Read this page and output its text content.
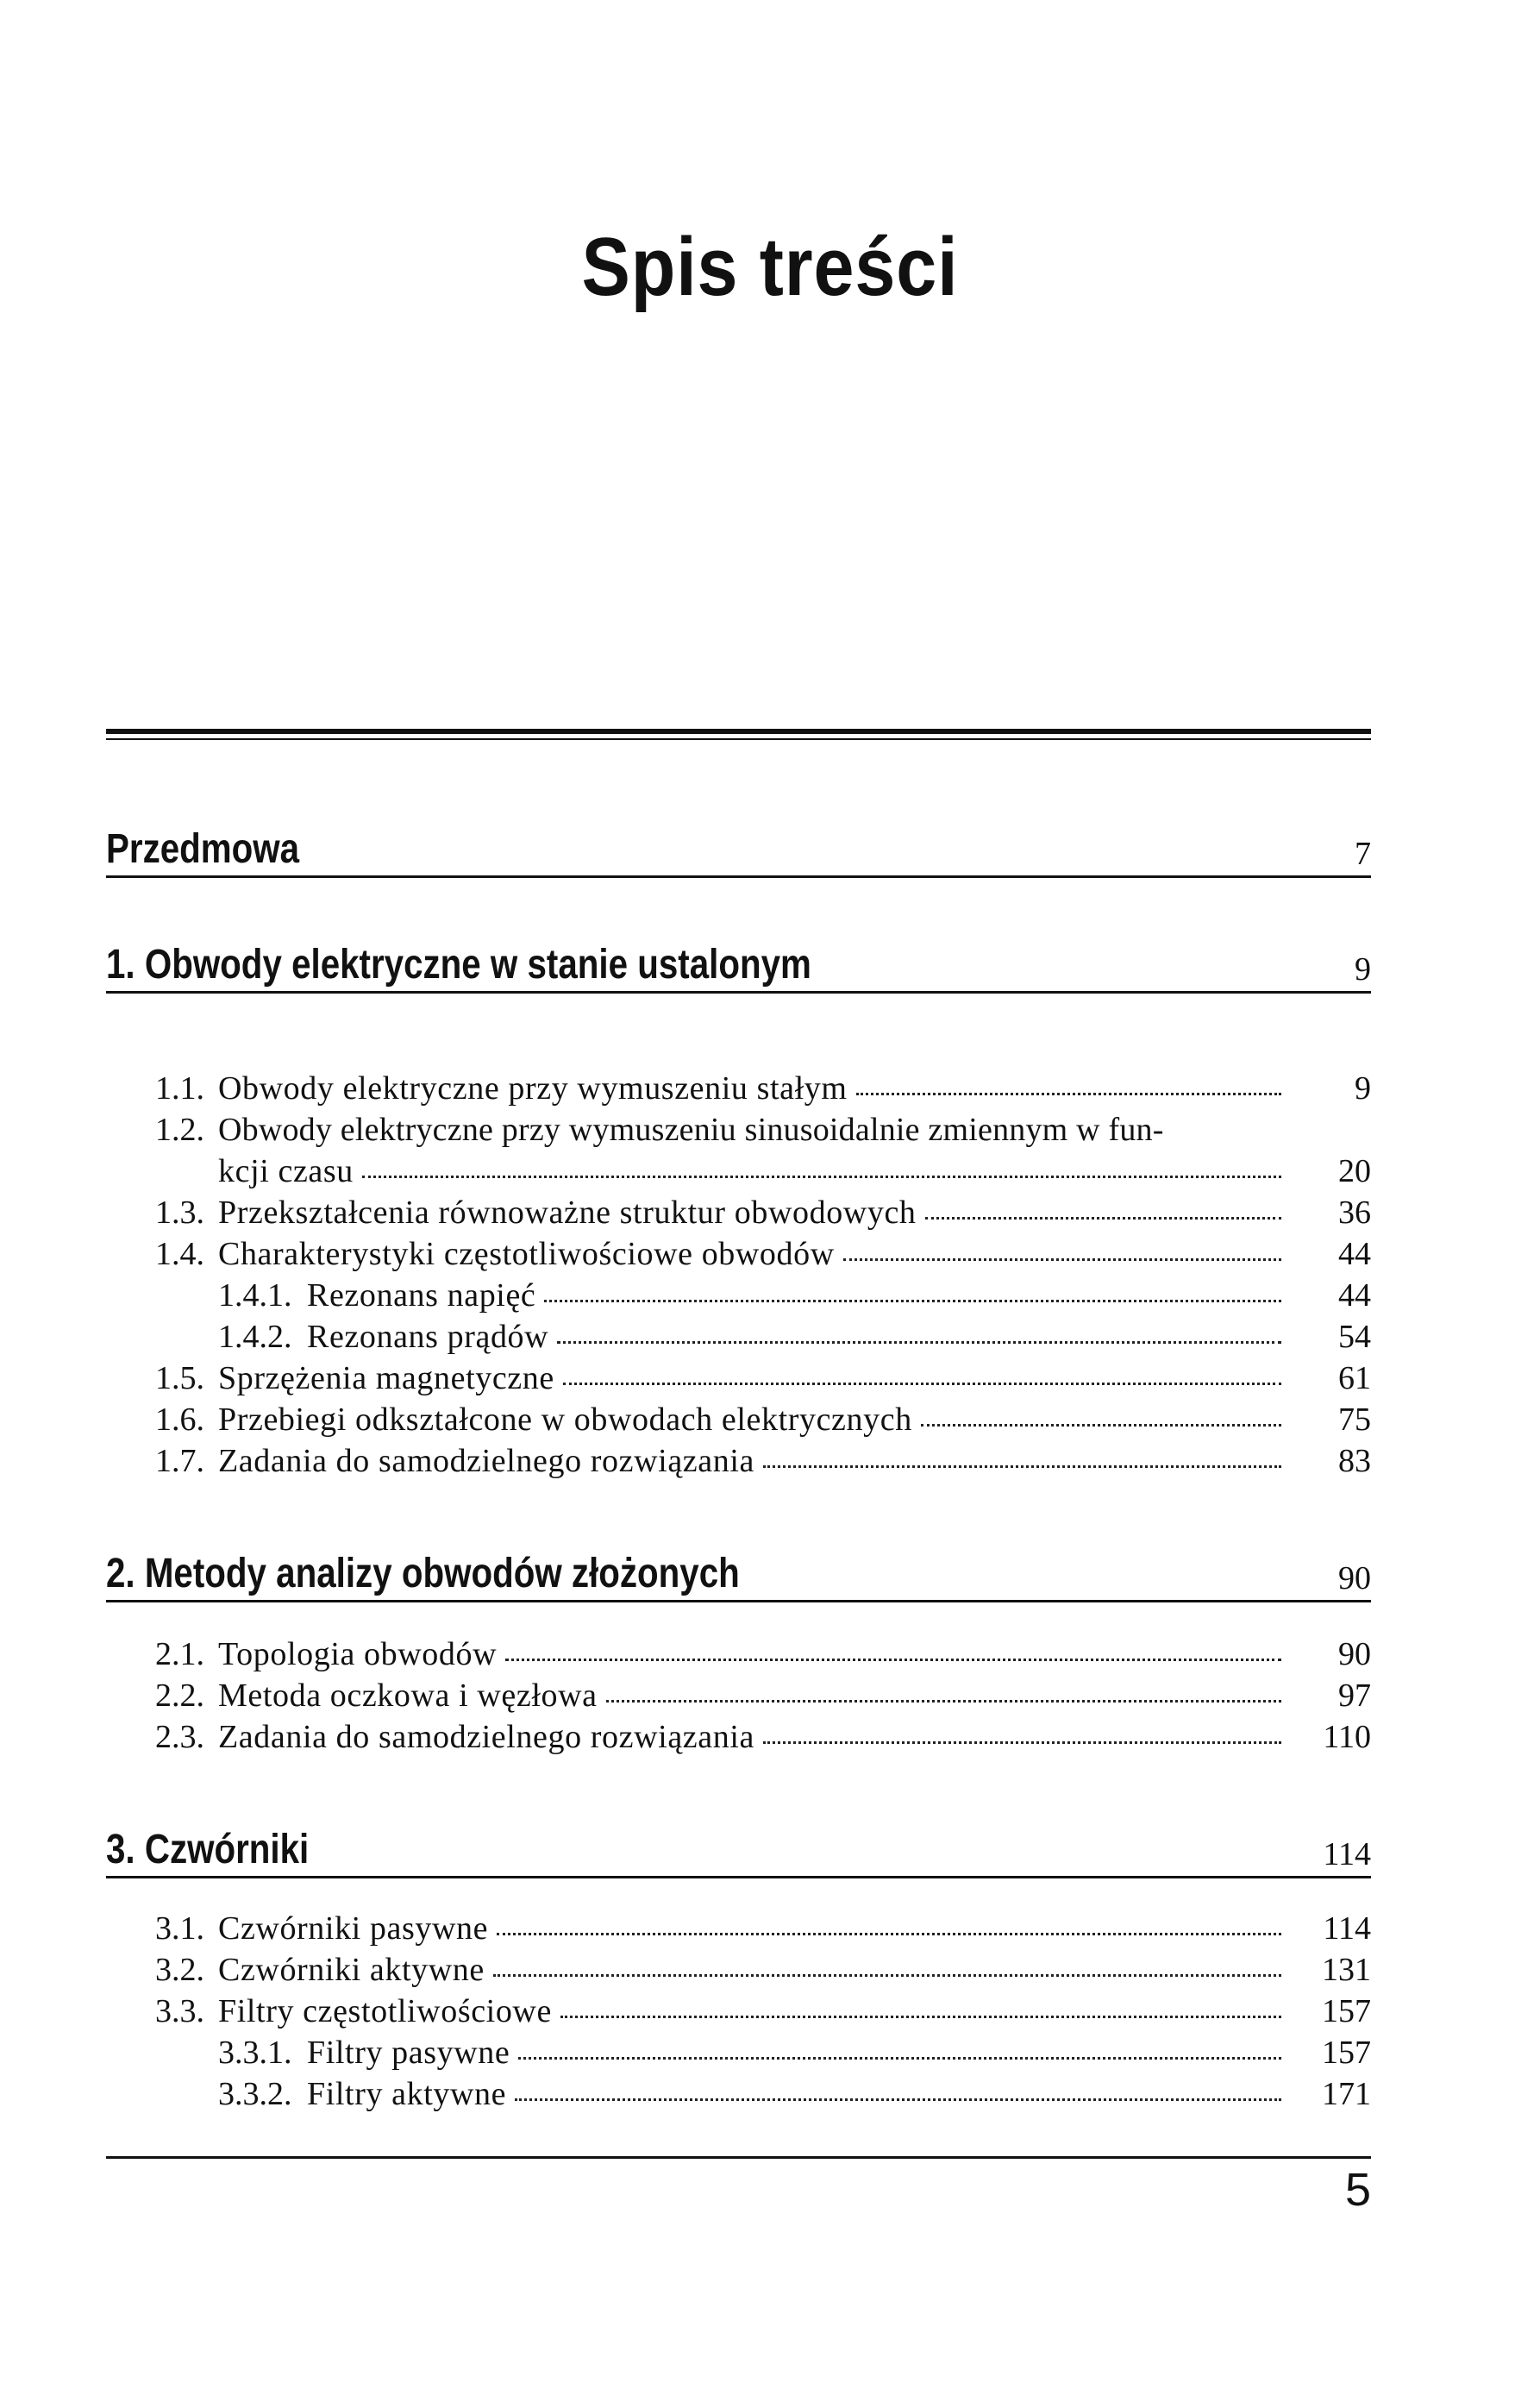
Spis treści
Przedmowa	7
1. Obwody elektryczne w stanie ustalonym	9
1.1. Obwody elektryczne przy wymuszeniu stałym	9
1.2. Obwody elektryczne przy wymuszeniu sinusoidalnie zmiennym w fun-
kcji czasu	20
1.3. Przekształcenia równoważne struktur obwodowych	36
1.4. Charakterystyki częstotliwościowe obwodów	44
1.4.1. Rezonans napięć	44
1.4.2. Rezonans prądów	54
1.5. Sprzężenia magnetyczne	61
1.6. Przebiegi odkształcone w obwodach elektrycznych	75
1.7. Zadania do samodzielnego rozwiązania	83
2. Metody analizy obwodów złożonych	90
2.1. Topologia obwodów	90
2.2. Metoda oczkowa i węzłowa	97
2.3. Zadania do samodzielnego rozwiązania	110
3. Czwórniki	114
3.1. Czwórniki pasywne	114
3.2. Czwórniki aktywne	131
3.3. Filtry częstotliwościowe	157
3.3.1. Filtry pasywne	157
3.3.2. Filtry aktywne	171
5
